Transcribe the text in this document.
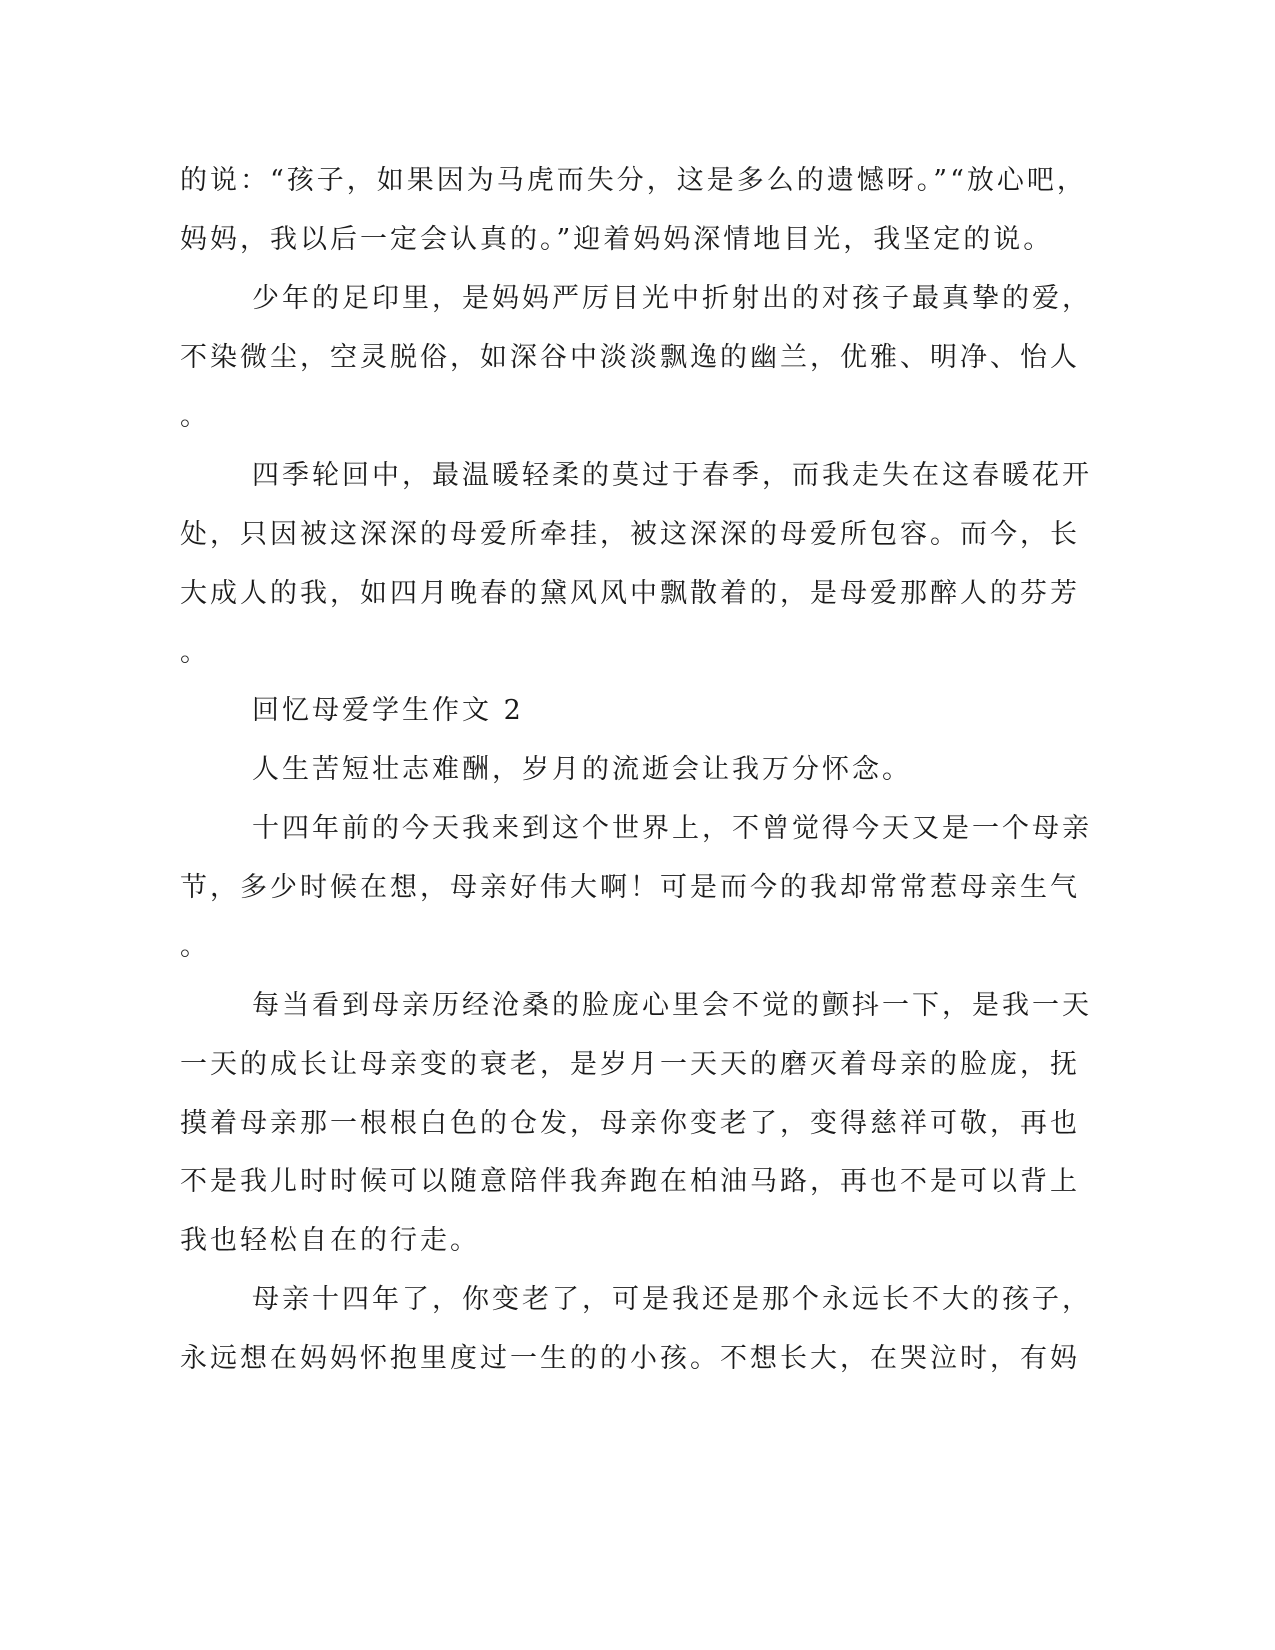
的说：“孩子，如果因为马虎而失分，这是多么的遗憾呀。”“放心吧，
妈妈，我以后一定会认真的。”迎着妈妈深情地目光，我坚定的说。
少年的足印里，是妈妈严厉目光中折射出的对孩子最真挚的爱，
不染微尘，空灵脱俗，如深谷中淡淡飘逸的幽兰，优雅、明净、怡人
。
四季轮回中，最温暖轻柔的莫过于春季，而我走失在这春暖花开
处，只因被这深深的母爱所牵挂，被这深深的母爱所包容。而今，长
大成人的我，如四月晚春的黛风风中飘散着的，是母爱那醉人的芬芳
。
回忆母爱学生作文 2
人生苦短壮志难酬，岁月的流逝会让我万分怀念。
十四年前的今天我来到这个世界上，不曾觉得今天又是一个母亲
节，多少时候在想，母亲好伟大啊！可是而今的我却常常惹母亲生气
。
每当看到母亲历经沧桑的脸庞心里会不觉的颤抖一下，是我一天
一天的成长让母亲变的衰老，是岁月一天天的磨灭着母亲的脸庞，抚
摸着母亲那一根根白色的仓发，母亲你变老了，变得慈祥可敬，再也
不是我儿时时候可以随意陪伴我奔跑在柏油马路，再也不是可以背上
我也轻松自在的行走。
母亲十四年了，你变老了，可是我还是那个永远长不大的孩子，
永远想在妈妈怀抱里度过一生的的小孩。不想长大，在哭泣时，有妈
